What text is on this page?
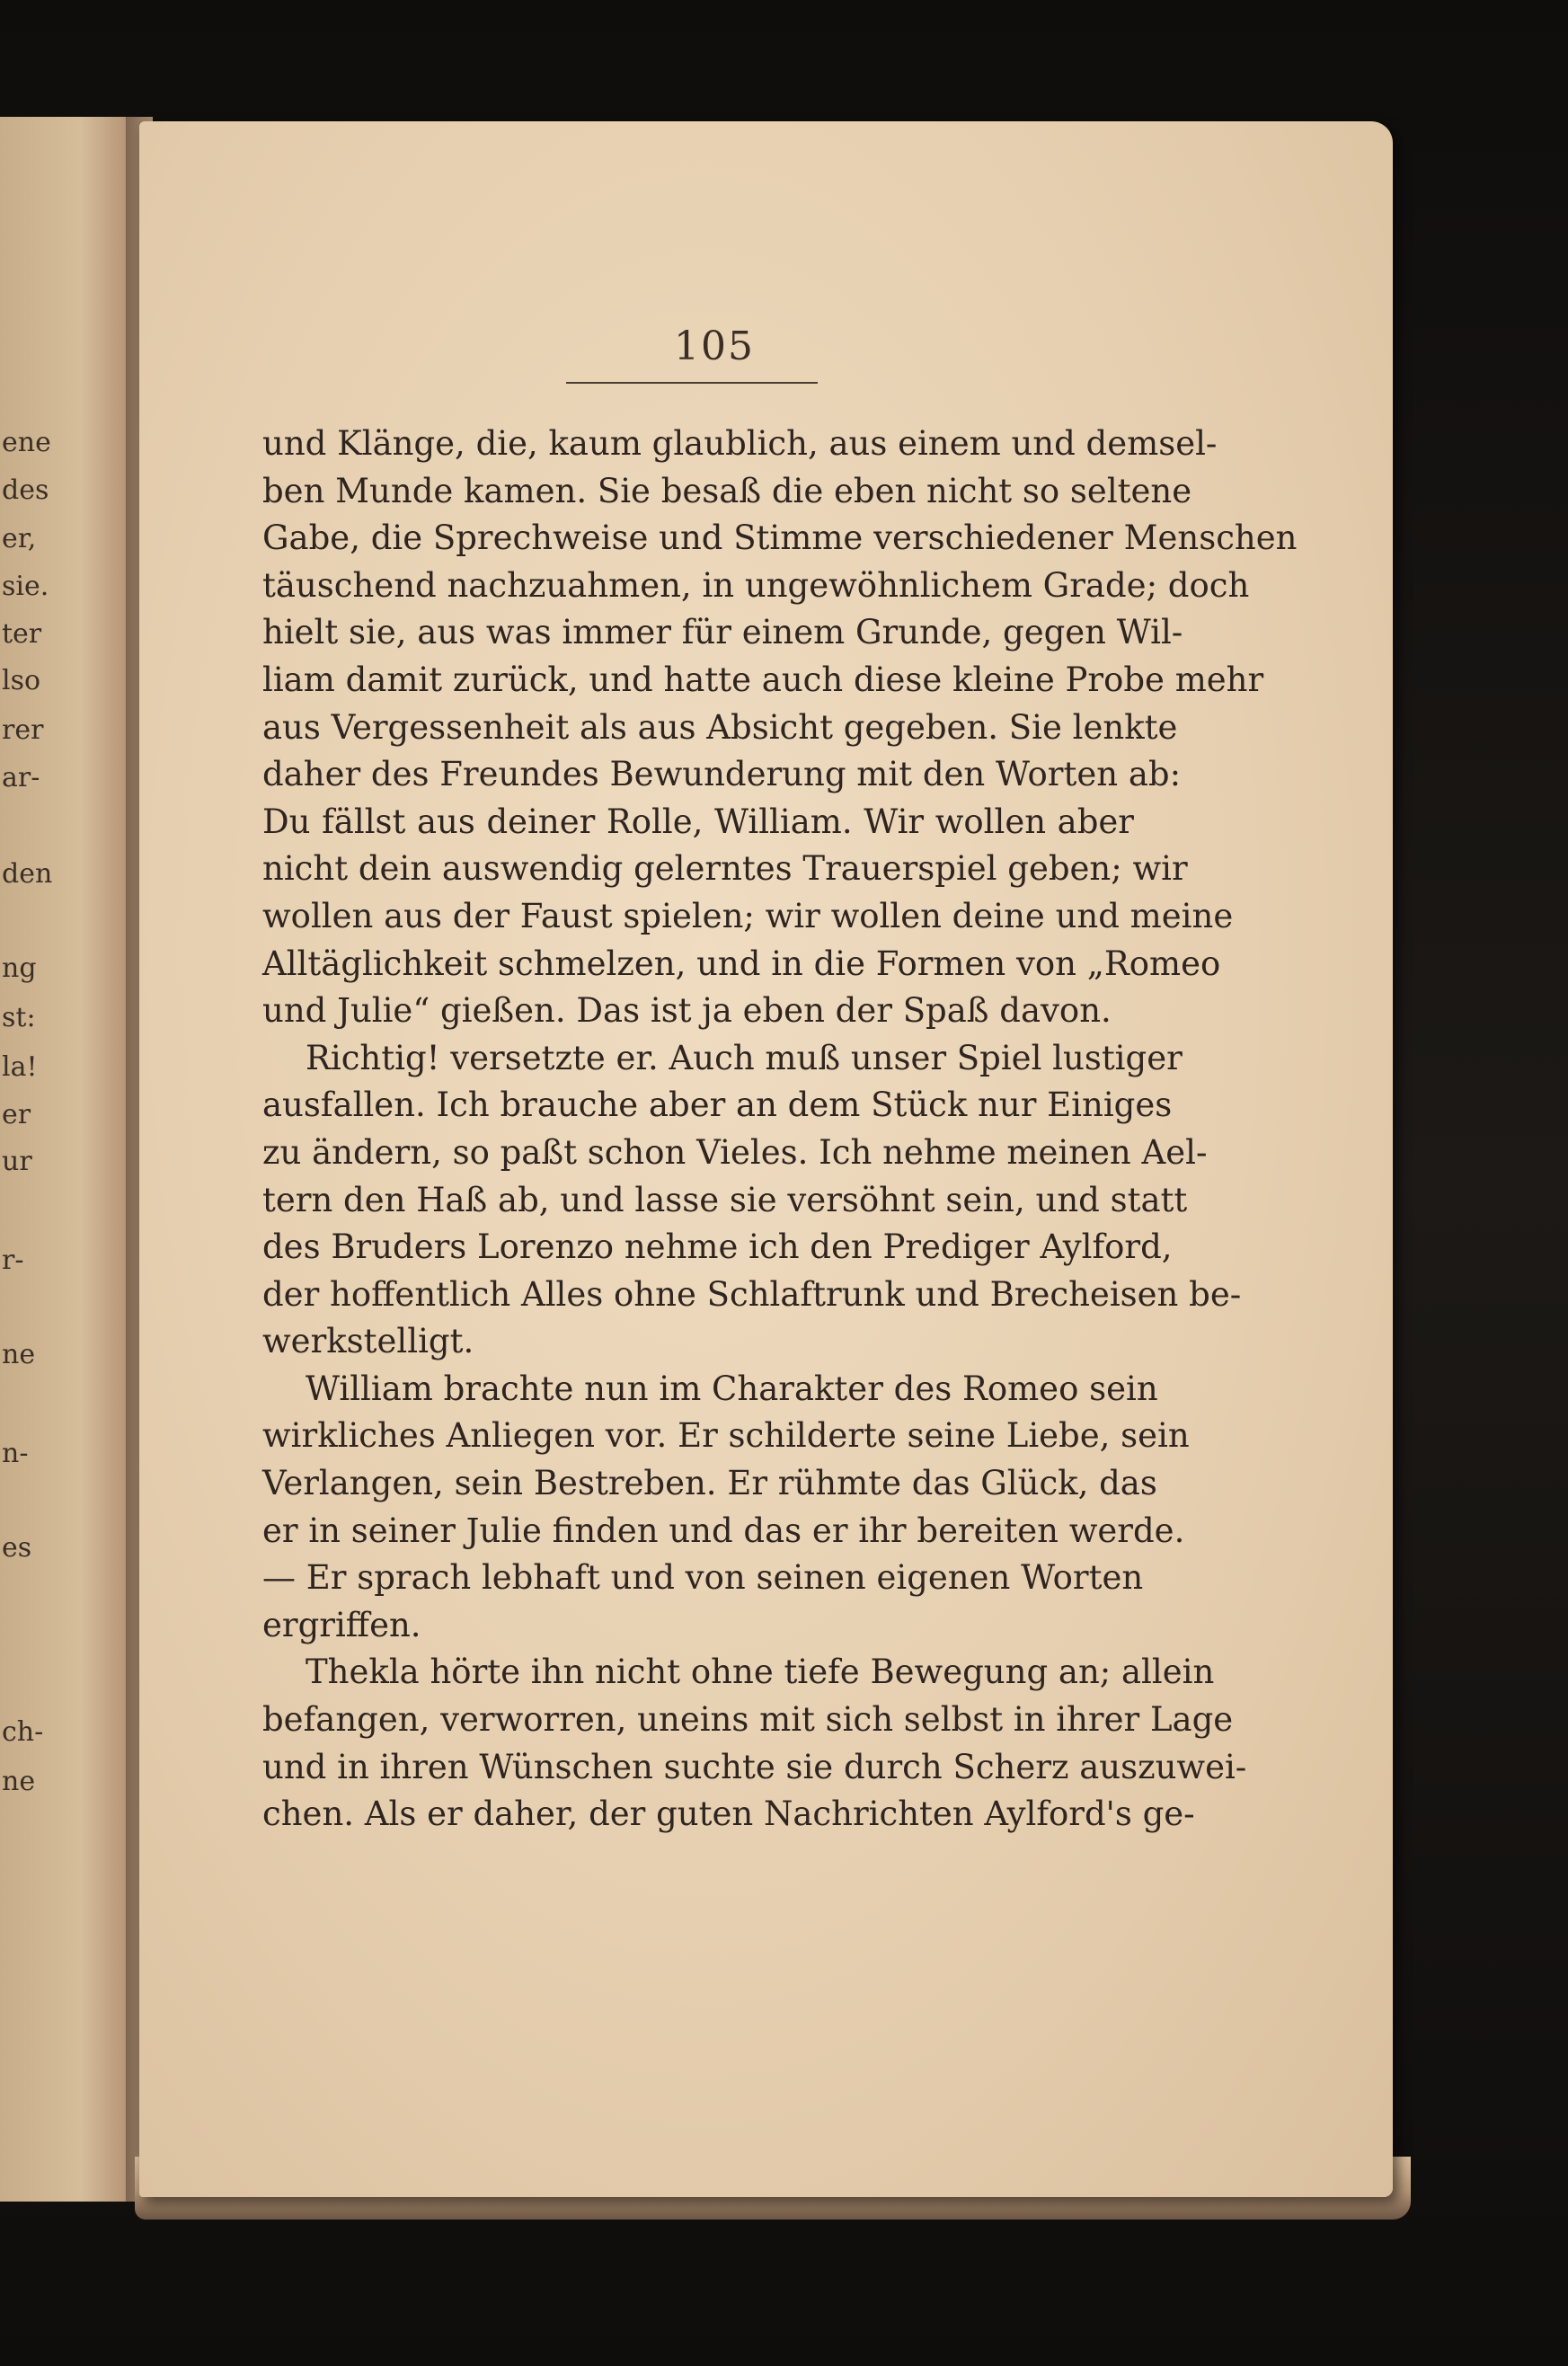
ene
des
er,
sie.
ter
lso
rer
ar-
den
ng
st:
la!
er
ur
r-
ne
n-
es
ch-
ne
105
und Klänge, die, kaum glaublich, aus einem und demsel-
ben Munde kamen. Sie besaß die eben nicht so seltene
Gabe, die Sprechweise und Stimme verschiedener Menschen
täuschend nachzuahmen, in ungewöhnlichem Grade; doch
hielt sie, aus was immer für einem Grunde, gegen Wil-
liam damit zurück, und hatte auch diese kleine Probe mehr
aus Vergessenheit als aus Absicht gegeben. Sie lenkte
daher des Freundes Bewunderung mit den Worten ab:
Du fällst aus deiner Rolle, William. Wir wollen aber
nicht dein auswendig gelerntes Trauerspiel geben; wir
wollen aus der Faust spielen; wir wollen deine und meine
Alltäglichkeit schmelzen, und in die Formen von „Romeo
und Julie“ gießen. Das ist ja eben der Spaß davon.
Richtig! versetzte er. Auch muß unser Spiel lustiger
ausfallen. Ich brauche aber an dem Stück nur Einiges
zu ändern, so paßt schon Vieles. Ich nehme meinen Ael-
tern den Haß ab, und lasse sie versöhnt sein, und statt
des Bruders Lorenzo nehme ich den Prediger Aylford,
der hoffentlich Alles ohne Schlaftrunk und Brecheisen be-
werkstelligt.
William brachte nun im Charakter des Romeo sein
wirkliches Anliegen vor. Er schilderte seine Liebe, sein
Verlangen, sein Bestreben. Er rühmte das Glück, das
er in seiner Julie finden und das er ihr bereiten werde.
— Er sprach lebhaft und von seinen eigenen Worten
ergriffen.
Thekla hörte ihn nicht ohne tiefe Bewegung an; allein
befangen, verworren, uneins mit sich selbst in ihrer Lage
und in ihren Wünschen suchte sie durch Scherz auszuwei-
chen. Als er daher, der guten Nachrichten Aylford's ge-
